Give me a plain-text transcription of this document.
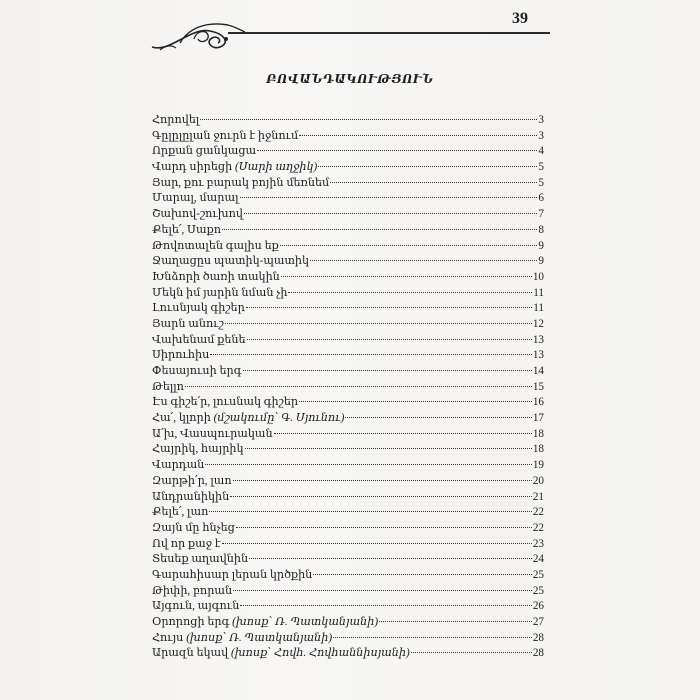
39
ԲՈՎԱՆԴԱԿՈՒԹՅՈՒՆ
Հորովել	3
Գըլըլըլան ջուրն է իջնում	3
Որքան ցանկացա	4
Վարդ սիրեցի (Սարի աղջիկ)	5
Յար, քու բարակ բոյին մեռնեմ	5
Մարալ, մարալ	6
Շախով-շուխով	7
Քելե՛, Սաքո	8
Թովոտալեն գալիս եք	9
Ջաղացըս պատիկ-պատիկ	9
Խնձորի ծառի տակին	10
Մեկն իմ յարին նման չի	11
Լուսնյակ գիշեր	11
Յարն անուշ	12
Վախենամ քենե	13
Սիրուհիս	13
Փեսայուսի երգ	14
Թելլո	15
Էս գիշե՛ր, լուսնակ գիշեր	16
Հա՛, կլորի (մշակումը՝ Գ. Սյունու)	17
Ա՛խ, Վասպուրական	18
Հայրիկ, հայրիկ	18
Վարդան	19
Զարթի՛ր, լաո	20
Անդրանիկին	21
Քելե՛, լաո	22
Զայն մը հնչեց	22
Ով որ քաջ է	23
Տեսեք աղավնին	24
Գարահիսար լերան կրծքին	25
Թիփի, բորան	25
Այգուն, այգուն	26
Օրորոցի երգ (խոսք՝ Ռ. Պատկանյանի)	27
Հույս (խոսք՝ Ռ. Պատկանյանի)	28
Արազն եկավ (խոսք՝ Հովհ. Հովհաննիսյանի)	28
